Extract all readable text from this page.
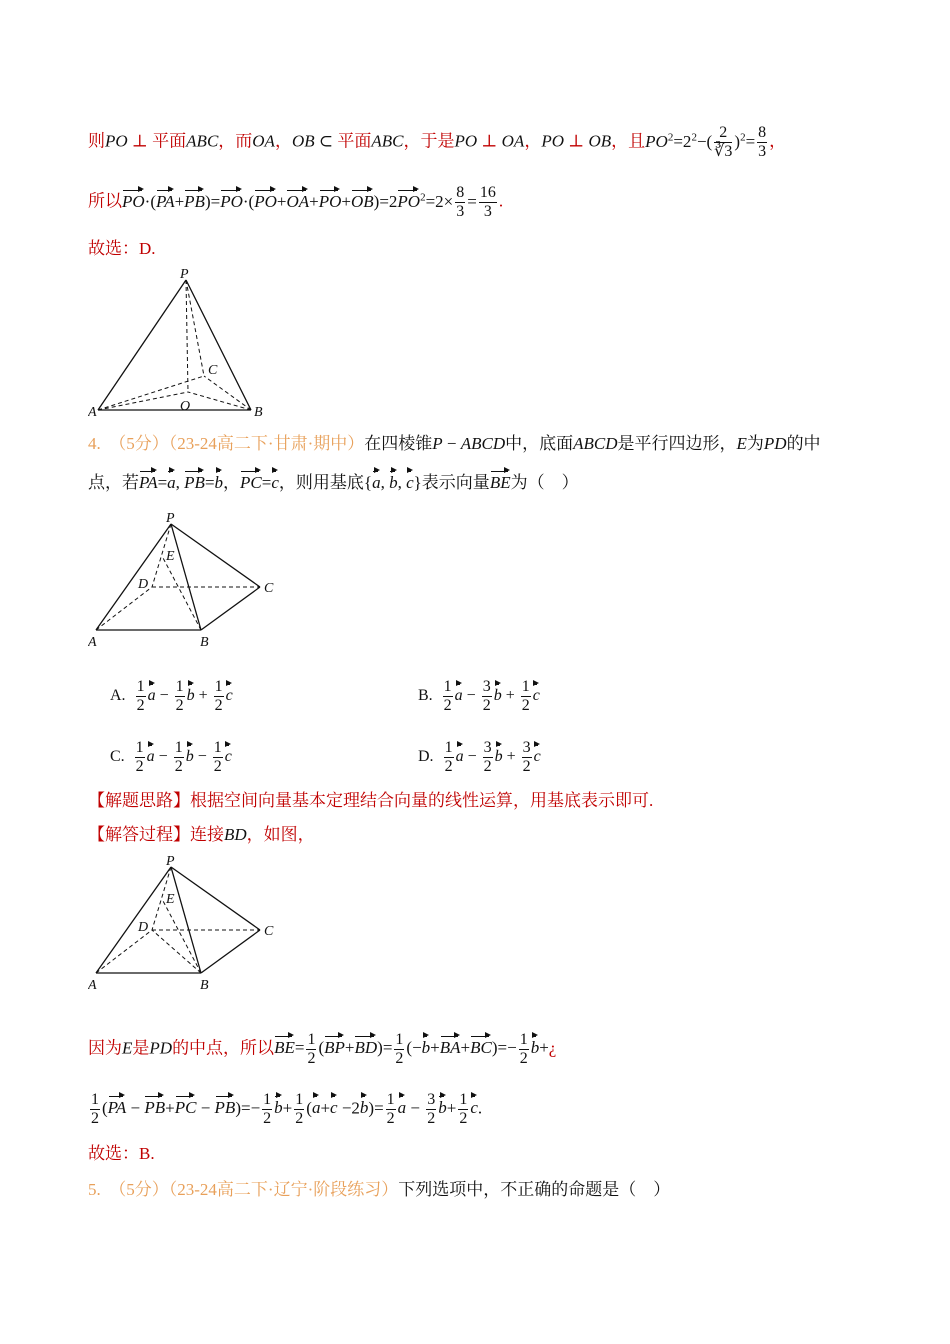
则PO ⊥ 平面ABC，而OA，OB ⊂ 平面ABC，于是PO ⊥ OA，PO ⊥ OB，且$PO^2=2^2-( \frac{2}{∛3} )^2= \frac{8}{3}$ ，
所以$PO\cdot(PA+PB)=PO\cdot(PO+OA+PO+OB)=2PO^2=2\times \frac{8}{3} = \frac{16}{3}$ .
故选：D.
P
C
O
A	B
4. （5分）（23-24高二下·甘肃·期中）在四棱锥P − ABCD中，底面ABCD是平行四边形，E为PD的中
点，若PA=a, PB=b，PC=c，则用基底{a, b, c}表示向量BE为（　）
P
E
D	C
A	B
A. $\frac{1}{2}$ $a - \frac{1}{2}$ $b + \frac{1}{2}$ c	B. $\frac{1}{2}$ $a - \frac{3}{2}$ $b + \frac{1}{2}$ c
C. $\frac{1}{2}$ $a - \frac{1}{2}$ $b - \frac{1}{2}$ c	D. $\frac{1}{2}$ $a - \frac{3}{2}$ $b + \frac{3}{2}$ c
【解题思路】根据空间向量基本定理结合向量的线性运算，用基底表示即可.
【解答过程】连接BD，如图，
P
E
D	C
A	B
因为E是PD的中点，所以$BE= \frac{1}{2} (BP+BD)= \frac{1}{2} (-b+BA+BC)=- \frac{1}{2}$ b+¿
$\frac{1}{2} (PA - PB+PC - PB)=- \frac{1}{2} b+ \frac{1}{2} (a+c -2b)= \frac{1}{2}$ $a - \frac{3}{2} b+ \frac{1}{2} c$.
故选：B.
5. （5分）（23-24高二下·辽宁·阶段练习）下列选项中，不正确的命题是（　）
